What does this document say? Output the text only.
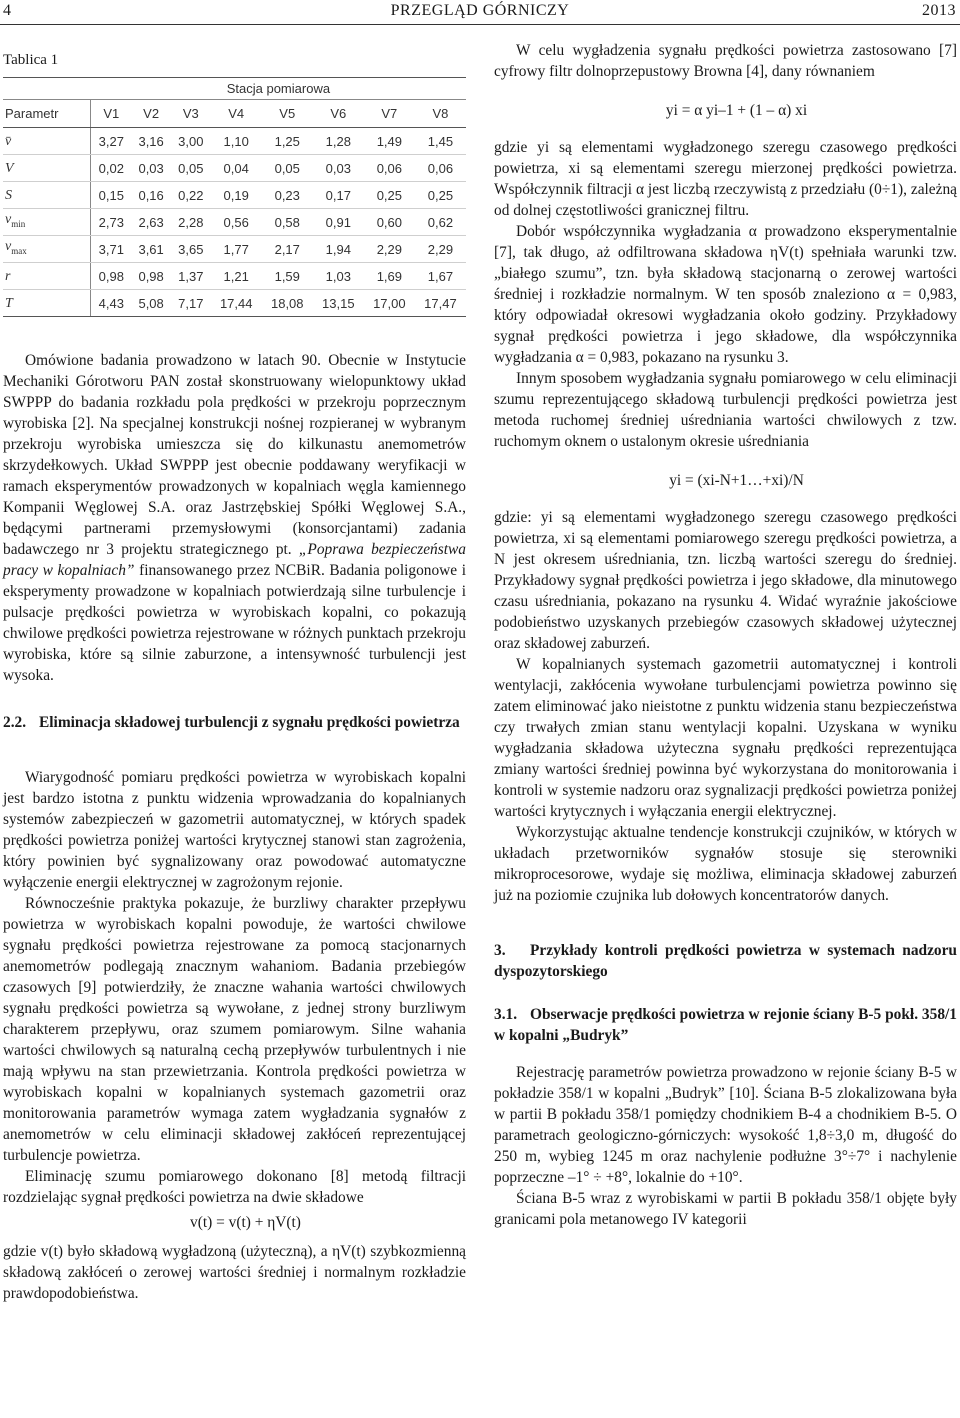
4	PRZEGLĄD GÓRNICZY	2013
Tablica 1
	Stacja pomiarowa							
Parametr	V1	V2	V3	V4	V5	V6	V7	V8
v̄	3,27	3,16	3,00	1,10	1,25	1,28	1,49	1,45
V	0,02	0,03	0,05	0,04	0,05	0,03	0,06	0,06
S	0,15	0,16	0,22	0,19	0,23	0,17	0,25	0,25
$v_{min}$	2,73	2,63	2,28	0,56	0,58	0,91	0,60	0,62
$v_{max}$	3,71	3,61	3,65	1,77	2,17	1,94	2,29	2,29
r	0,98	0,98	1,37	1,21	1,59	1,03	1,69	1,67
T	4,43	5,08	7,17	17,44	18,08	13,15	17,00	17,47

Omówione badania prowadzono w latach 90. Obecnie w Instytucie Mechaniki Górotworu PAN został skonstruowany wielopunktowy układ SWPPP do badania rozkładu pola prędkości w przekroju poprzecznym wyrobiska [2]. Na specjalnej konstrukcji nośnej rozpieranej w wybranym przekroju wyrobiska umieszcza się do kilkunastu anemometrów skrzydełkowych. Układ SWPPP jest obecnie poddawany weryfikacji w ramach eksperymentów prowadzonych w kopalniach węgla kamiennego Kompanii Węglowej S.A. oraz Jastrzębskiej Spółki Węglowej S.A., będącymi partnerami przemysłowymi (konsorcjantami) zadania badawczego nr 3 projektu strategicznego pt. „Poprawa bezpieczeństwa pracy w kopalniach” finansowanego przez NCBiR. Badania poligonowe i eksperymenty prowadzone w kopalniach potwierdzają silne turbulencje i pulsacje prędkości powietrza w wyrobiskach kopalni, co pokazują chwilowe prędkości powietrza rejestrowane w różnych punktach przekroju wyrobiska, które są silnie zaburzone, a intensywność turbulencji jest wysoka.

2.2. Eliminacja składowej turbulencji z sygnału prędkości powietrza

Wiarygodność pomiaru prędkości powietrza w wyrobiskach kopalni jest bardzo istotna z punktu widzenia wprowadzania do kopalnianych systemów zabezpieczeń w gazometrii automatycznej, w których spadek prędkości powietrza poniżej wartości krytycznej stanowi stan zagrożenia, który powinien być sygnalizowany oraz powodować automatyczne wyłączenie energii elektrycznej w zagrożonym rejonie.

Równocześnie praktyka pokazuje, że burzliwy charakter przepływu powietrza w wyrobiskach kopalni powoduje, że wartości chwilowe sygnału prędkości powietrza rejestrowane za pomocą stacjonarnych anemometrów podlegają znacznym wahaniom. Badania przebiegów czasowych [9] potwierdziły, że znaczne wahania wartości chwilowych sygnału prędkości powietrza są wywołane, z jednej strony burzliwym charakterem przepływu, oraz szumem pomiarowym. Silne wahania wartości chwilowych są naturalną cechą przepływów turbulentnych i nie mają wpływu na stan przewietrzania. Kontrola prędkości powietrza w wyrobiskach kopalni w kopalnianych systemach gazometrii oraz monitorowania parametrów wymaga zatem wygładzania sygnałów z anemometrów w celu eliminacji składowej zakłóceń reprezentującej turbulencje powietrza.

Eliminację szumu pomiarowego dokonano [8] metodą filtracji rozdzielając sygnał prędkości powietrza na dwie składowe

v(t) = v(t) + ηV(t)

gdzie v(t) było składową wygładzoną (użyteczną), a ηV(t) szybkozmienną składową zakłóceń o zerowej wartości średniej i normalnym rozkładzie prawdopodobieństwa.

W celu wygładzenia sygnału prędkości powietrza zastosowano [7] cyfrowy filtr dolnoprzepustowy Browna [4], dany równaniem

yi = α yi–1 + (1 – α) xi

gdzie yi są elementami wygładzonego szeregu czasowego prędkości powietrza, xi są elementami szeregu mierzonej prędkości powietrza. Współczynnik filtracji α jest liczbą rzeczywistą z przedziału (0÷1), zależną od dolnej częstotliwości granicznej filtru.

Dobór współczynnika wygładzania α prowadzono eksperymentalnie [7], tak długo, aż odfiltrowana składowa ηV(t) spełniała warunki tzw. „białego szumu”, tzn. była składową stacjonarną o zerowej wartości średniej i rozkładzie normalnym. W ten sposób znaleziono α = 0,983, który odpowiadał okresowi wygładzania około godziny. Przykładowy sygnał prędkości powietrza i jego składowe, dla współczynnika wygładzania α = 0,983, pokazano na rysunku 3.

Innym sposobem wygładzania sygnału pomiarowego w celu eliminacji szumu reprezentującego składową turbulencji prędkości powietrza jest metoda ruchomej średniej uśredniania wartości chwilowych z tzw. ruchomym oknem o ustalonym okresie uśredniania

yi = (xi-N+1…+xi)/N

gdzie: yi są elementami wygładzonego szeregu czasowego prędkości powietrza, xi są elementami pomiarowego szeregu prędkości powietrza, a N jest okresem uśredniania, tzn. liczbą wartości szeregu do średniej. Przykładowy sygnał prędkości powietrza i jego składowe, dla minutowego czasu uśredniania, pokazano na rysunku 4. Widać wyraźnie jakościowe podobieństwo uzyskanych przebiegów czasowych składowej użytecznej oraz składowej zaburzeń.

W kopalnianych systemach gazometrii automatycznej i kontroli wentylacji, zakłócenia wywołane turbulencjami powietrza powinno się zatem eliminować jako nieistotne z punktu widzenia stanu bezpieczeństwa czy trwałych zmian stanu wentylacji kopalni. Uzyskana w wyniku wygładzania składowa użyteczna sygnału prędkości reprezentująca zmiany wartości średniej powinna być wykorzystana do monitorowania i kontroli w systemie nadzoru oraz sygnalizacji prędkości powietrza poniżej wartości krytycznych i wyłączania energii elektrycznej.

Wykorzystując aktualne tendencje konstrukcji czujników, w których w układach przetworników sygnałów stosuje się sterowniki mikroprocesorowe, wydaje się możliwa, eliminacja składowej zaburzeń już na poziomie czujnika lub dołowych koncentratorów danych.

3. Przykłady kontroli prędkości powietrza w systemach nadzoru dyspozytorskiego
3.1. Obserwacje prędkości powietrza w rejonie ściany B-5 pokł. 358/1 w kopalni „Budryk”

Rejestrację parametrów powietrza prowadzono w rejonie ściany B-5 w pokładzie 358/1 w kopalni „Budryk” [10]. Ściana B-5 zlokalizowana była w partii B pokładu 358/1 pomiędzy chodnikiem B-4 a chodnikiem B-5. O parametrach geologiczno-górniczych: wysokość 1,8÷3,0 m, długość do 250 m, wybieg 1245 m oraz nachylenie podłużne 3°÷7° i nachylenie poprzeczne –1° ÷ +8°, lokalnie do +10°.

Ściana B-5 wraz z wyrobiskami w partii B pokładu 358/1 objęte były granicami pola metanowego IV kategorii
